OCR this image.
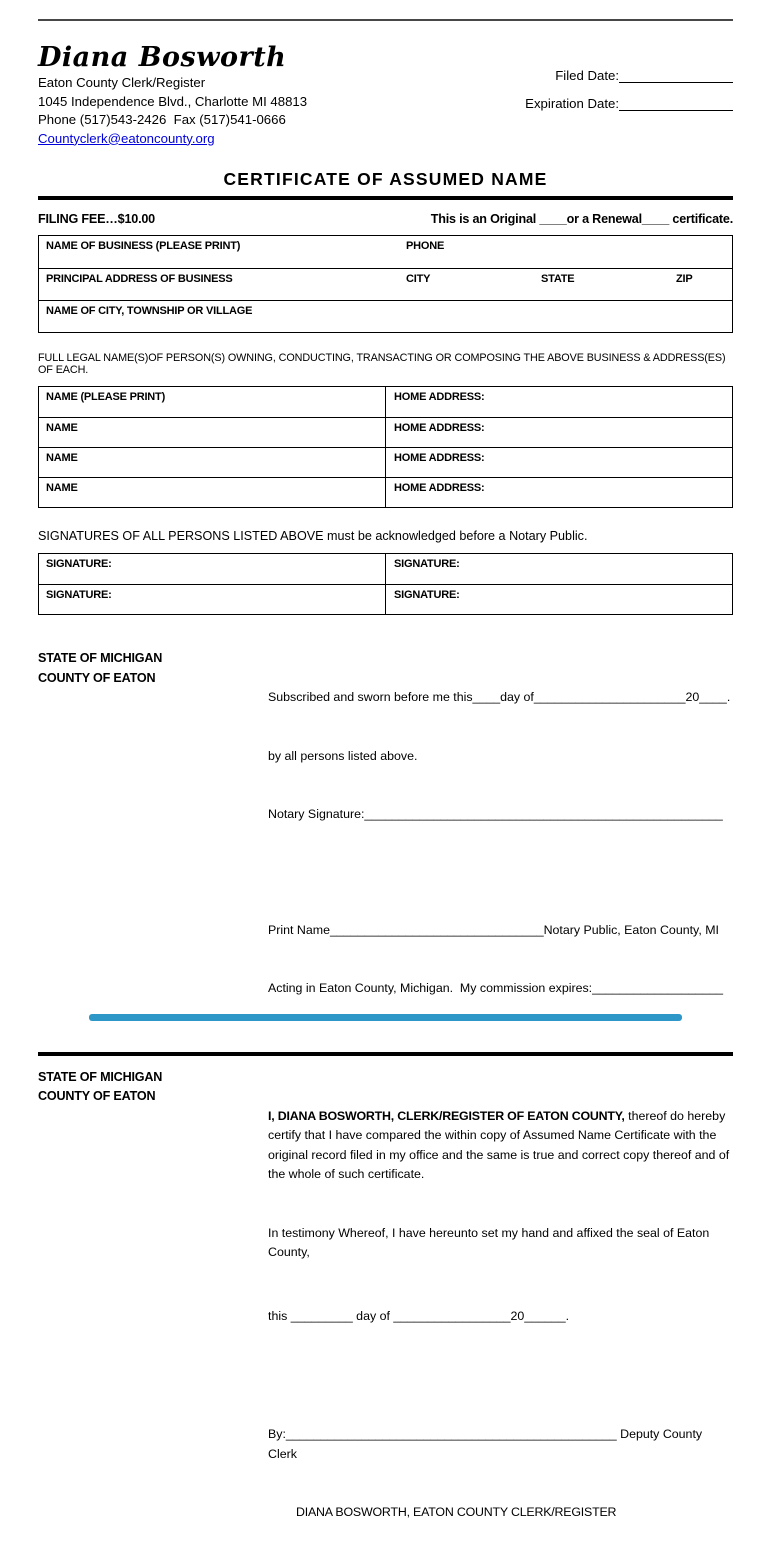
Diana Bosworth
Eaton County Clerk/Register
1045 Independence Blvd., Charlotte MI 48813
Phone (517)543-2426  Fax (517)541-0666
Countyclerk@eatoncounty.org
Filed Date:
Expiration Date:
CERTIFICATE OF ASSUMED NAME
FILING FEE…$10.00	This is an Original ____or a Renewal____ certificate.
NAME OF BUSINESS (PLEASE PRINT)	PHONE
PRINCIPAL ADDRESS OF BUSINESS	CITY	STATE	ZIP
NAME OF CITY, TOWNSHIP OR VILLAGE
FULL LEGAL NAME(S)OF PERSON(S) OWNING, CONDUCTING, TRANSACTING OR COMPOSING THE ABOVE BUSINESS & ADDRESS(ES) OF EACH.
NAME (PLEASE PRINT)	HOME ADDRESS:
NAME	HOME ADDRESS:
NAME	HOME ADDRESS:
NAME	HOME ADDRESS:
SIGNATURES OF ALL PERSONS LISTED ABOVE must be acknowledged before a Notary Public.
SIGNATURE:	SIGNATURE:
SIGNATURE:	SIGNATURE:
STATE OF MICHIGAN
COUNTY OF EATON

Subscribed and sworn before me this____day of______________________20____.

by all persons listed above.

Notary Signature:____________________________________________________

Print Name_______________________________Notary Public, Eaton County, MI

Acting in Eaton County, Michigan.  My commission expires:___________________

STATE OF MICHIGAN
COUNTY OF EATON

I, DIANA BOSWORTH, CLERK/REGISTER OF EATON COUNTY, thereof do hereby certify that I have compared the within copy of Assumed Name Certificate with the original record filed in my office and the same is true and correct copy thereof and of the whole of such certificate.

In testimony Whereof, I have hereunto set my hand and affixed the seal of Eaton County,

this _________ day of _________________20______.

By:________________________________________________ Deputy County Clerk

DIANA BOSWORTH, EATON COUNTY CLERK/REGISTER
